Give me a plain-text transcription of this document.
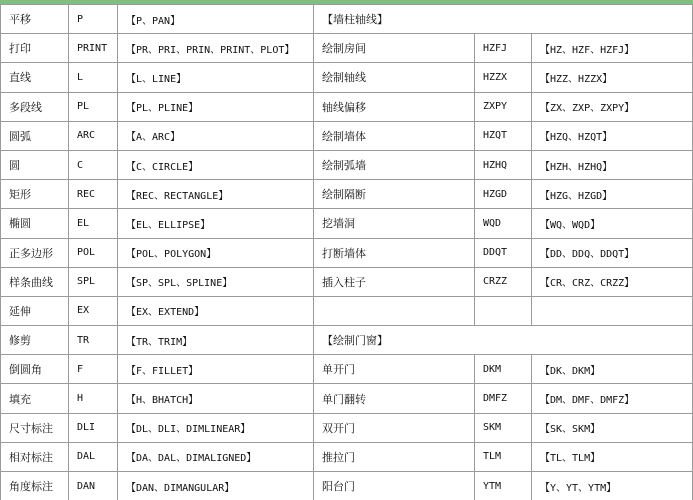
平移	P	【P、PAN】	【墙柱轴线】		
打印	PRINT	【PR、PRI、PRIN、PRINT、PLOT】	绘制房间	HZFJ	【HZ、HZF、HZFJ】
直线	L	【L、LINE】	绘制轴线	HZZX	【HZZ、HZZX】
多段线	PL	【PL、PLINE】	轴线偏移	ZXPY	【ZX、ZXP、ZXPY】
圆弧	ARC	【A、ARC】	绘制墙体	HZQT	【HZQ、HZQT】
圆	C	【C、CIRCLE】	绘制弧墙	HZHQ	【HZH、HZHQ】
矩形	REC	【REC、RECTANGLE】	绘制隔断	HZGD	【HZG、HZGD】
椭圆	EL	【EL、ELLIPSE】	挖墙洞	WQD	【WQ、WQD】
正多边形	POL	【POL、POLYGON】	打断墙体	DDQT	【DD、DDQ、DDQT】
样条曲线	SPL	【SP、SPL、SPLINE】	插入柱子	CRZZ	【CR、CRZ、CRZZ】
延伸	EX	【EX、EXTEND】			
修剪	TR	【TR、TRIM】	【绘制门窗】		
倒圆角	F	【F、FILLET】	单开门	DKM	【DK、DKM】
填充	H	【H、BHATCH】	单门翻转	DMFZ	【DM、DMF、DMFZ】
尺寸标注	DLI	【DL、DLI、DIMLINEAR】	双开门	SKM	【SK、SKM】
相对标注	DAL	【DA、DAL、DIMALIGNED】	推拉门	TLM	【TL、TLM】
角度标注	DAN	【DAN、DIMANGULAR】	阳台门	YTM	【Y、YT、YTM】
